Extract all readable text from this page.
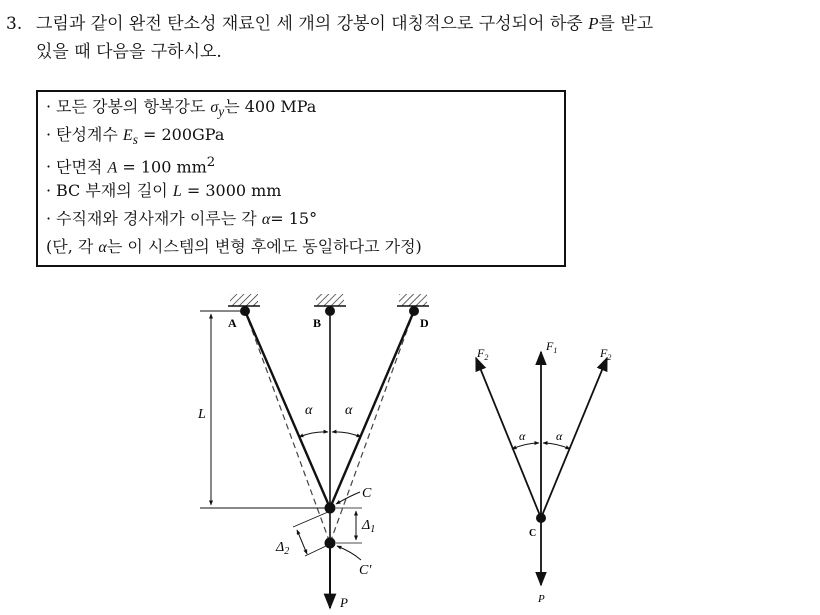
3. 그림과 같이 완전 탄소성 재료인 세 개의 강봉이 대칭적으로 구성되어 하중 P를 받고
있을 때 다음을 구하시오.
· 모든 강봉의 항복강도 $\sigma_y$는 400 MPa
· 탄성계수 $E_s = 200GPa$
· 단면적 A = 100 $mm^2$
· BC 부재의 길이 L = 3000 mm
· 수직재와 경사재가 이루는 각 α= 15°
(단, 각 α는 이 시스템의 변형 후에도 동일하다고 가정)
A	B	D
L	α α
C
C′
$\Delta_1$
$\Delta_2$
P
α	α
$F_2$
$F_1$	$F_2$
C
P
